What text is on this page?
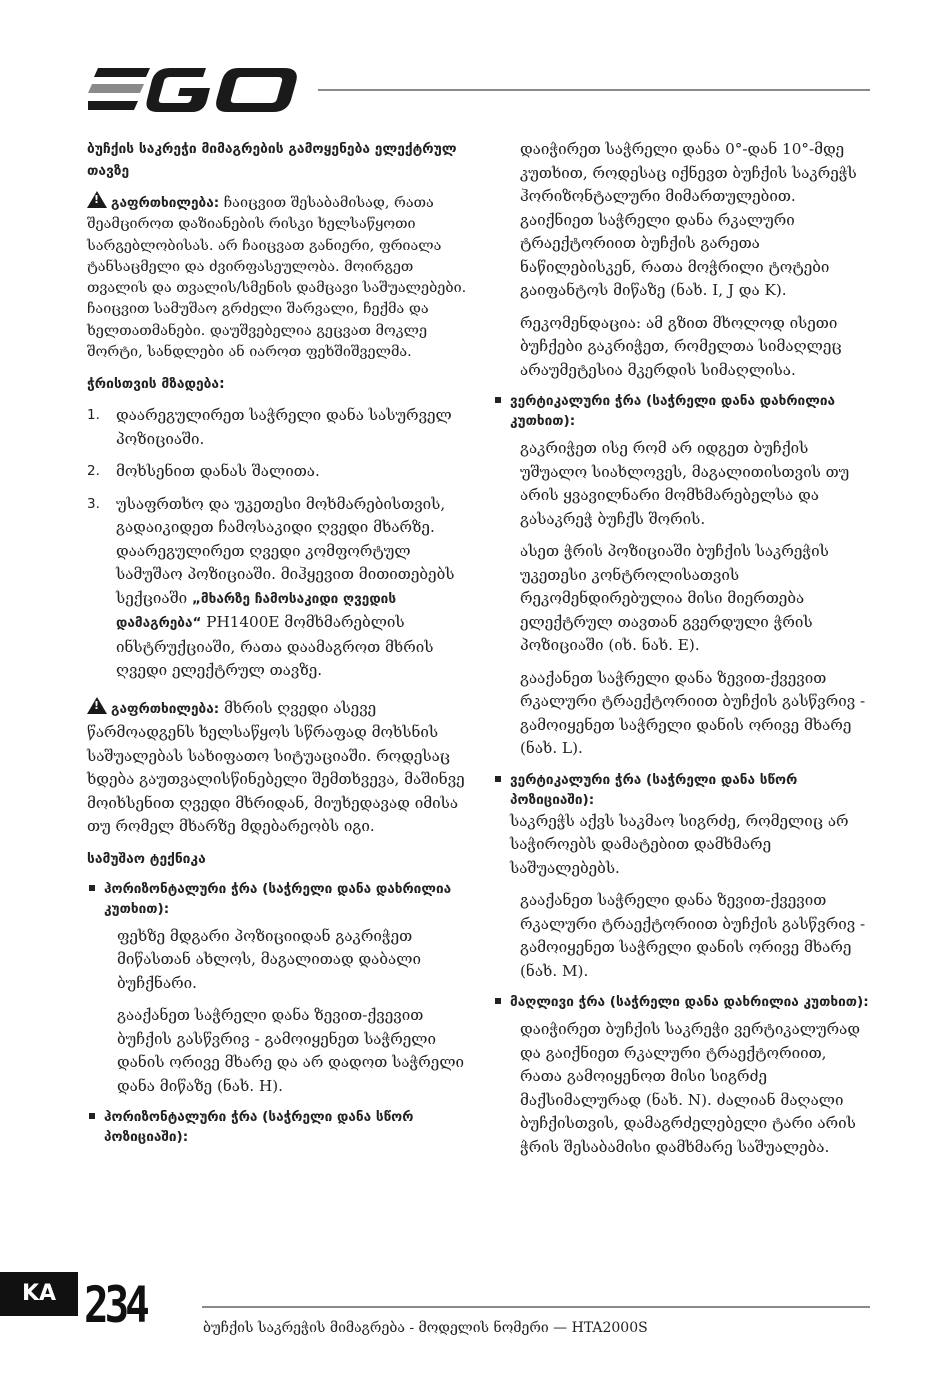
ბუჩქის საკრეჭი მიმაგრების გამოყენება ელექტრულ თავზე

!გაფრთხილება: ჩაიცვით შესაბამისად, რათა შეამციროთ დაზიანების რისკი ხელსაწყოთი სარგებლობისას. არ ჩაიცვათ განიერი, ფრიალა ტანსაცმელი და ძვირფასეულობა. მოირგეთ თვალის და თვალის/სმენის დამცავი საშუალებები. ჩაიცვით სამუშაო გრძელი შარვალი, ჩექმა და ხელთათმანები. დაუშვებელია გეცვათ მოკლე შორტი, სანდლები ან იაროთ ფეხშიშველმა.

ჭრისთვის მზადება:
1. დაარეგულირეთ საჭრელი დანა სასურველ პოზიციაში.
2. მოხსენით დანას შალითა.
3. უსაფრთხო და უკეთესი მოხმარებისთვის, გადაიკიდეთ ჩამოსაკიდი ღვედი მხარზე. დაარეგულირეთ ღვედი კომფორტულ სამუშაო პოზიციაში. მიჰყევით მითითებებს სექციაში „მხარზე ჩამოსაკიდი ღვედის დამაგრება“ PH1400E მომხმარებლის ინსტრუქციაში, რათა დაამაგროთ მხრის ღვედი ელექტრულ თავზე.

!გაფრთხილება: მხრის ღვედი ასევე წარმოადგენს ხელსაწყოს სწრაფად მოხსნის საშუალებას სახიფათო სიტუაციაში. როდესაც ხდება გაუთვალისწინებელი შემთხვევა, მაშინვე მოიხსენით ღვედი მხრიდან, მიუხედავად იმისა თუ რომელ მხარზე მდებარეობს იგი.

სამუშაო ტექნიკა
ჰორიზონტალური ჭრა (საჭრელი დანა დახრილია კუთხით):

ფეხზე მდგარი პოზიციიდან გაკრიჭეთ მიწასთან ახლოს, მაგალითად დაბალი ბუჩქნარი.

გააქანეთ საჭრელი დანა ზევით-ქვევით ბუჩქის გასწვრივ - გამოიყენეთ საჭრელი დანის ორივე მხარე და არ დადოთ საჭრელი დანა მიწაზე (ნახ. H).

ჰორიზონტალური ჭრა (საჭრელი დანა სწორ პოზიციაში):

დაიჭირეთ საჭრელი დანა 0°-დან 10°-მდე კუთხით, როდესაც იქნევთ ბუჩქის საკრეჭს ჰორიზონტალური მიმართულებით. გაიქნიეთ საჭრელი დანა რკალური ტრაექტორიით ბუჩქის გარეთა ნაწილებისკენ, რათა მოჭრილი ტოტები გაიფანტოს მიწაზე (ნახ. I, J და K).

რეკომენდაცია: ამ გზით მხოლოდ ისეთი ბუჩქები გაკრიჭეთ, რომელთა სიმაღლეც არაუმეტესია მკერდის სიმაღლისა.

ვერტიკალური ჭრა (საჭრელი დანა დახრილია კუთხით):

გაკრიჭეთ ისე რომ არ იდგეთ ბუჩქის უშუალო სიახლოვეს, მაგალითისთვის თუ არის ყვავილნარი მომხმარებელსა და გასაკრეჭ ბუჩქს შორის.

ასეთ ჭრის პოზიციაში ბუჩქის საკრეჭის უკეთესი კონტროლისათვის რეკომენდირებულია მისი მიერთება ელექტრულ თავთან გვერდული ჭრის პოზიციაში (იხ. ნახ. E).

გააქანეთ საჭრელი დანა ზევით-ქვევით რკალური ტრაექტორიით ბუჩქის გასწვრივ - გამოიყენეთ საჭრელი დანის ორივე მხარე (ნახ. L).

ვერტიკალური ჭრა (საჭრელი დანა სწორ პოზიციაში):

საკრეჭს აქვს საკმაო სიგრძე, რომელიც არ საჭიროებს დამატებით დამხმარე საშუალებებს.

გააქანეთ საჭრელი დანა ზევით-ქვევით რკალური ტრაექტორიით ბუჩქის გასწვრივ - გამოიყენეთ საჭრელი დანის ორივე მხარე (ნახ. M).

მაღლივი ჭრა (საჭრელი დანა დახრილია კუთხით):

დაიჭირეთ ბუჩქის საკრეჭი ვერტიკალურად და გაიქნიეთ რკალური ტრაექტორიით, რათა გამოიყენოთ მისი სიგრძე მაქსიმალურად (ნახ. N). ძალიან მაღალი ბუჩქისთვის, დამაგრძელებელი ტარი არის ჭრის შესაბამისი დამხმარე საშუალება.

KA 234	ბუჩქის საკრეჭის მიმაგრება - მოდელის ნომერი — HTA2000S
